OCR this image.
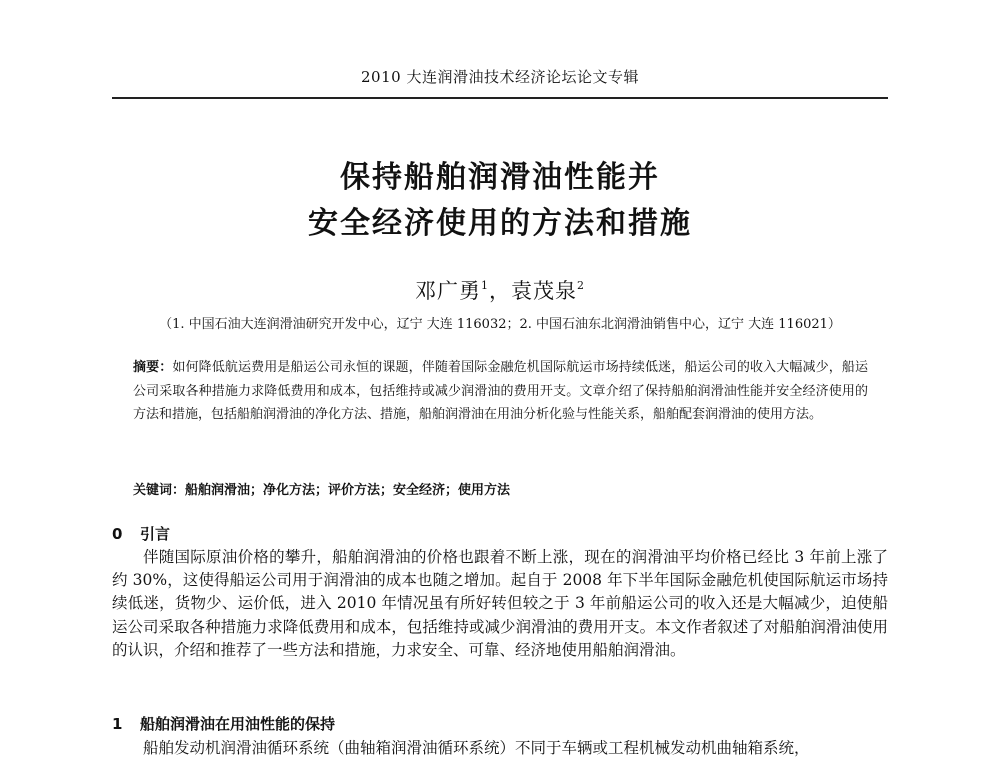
2010 大连润滑油技术经济论坛论文专辑
保持船舶润滑油性能并
安全经济使用的方法和措施
邓广勇$^1$，袁茂泉$^2$
（1. 中国石油大连润滑油研究开发中心，辽宁 大连 116032；2. 中国石油东北润滑油销售中心，辽宁 大连 116021）
摘要：如何降低航运费用是船运公司永恒的课题，伴随着国际金融危机国际航运市场持续低迷，船运公司的收入大幅减少，船运公司采取各种措施力求降低费用和成本，包括维持或减少润滑油的费用开支。文章介绍了保持船舶润滑油性能并安全经济使用的方法和措施，包括船舶润滑油的净化方法、措施，船舶润滑油在用油分析化验与性能关系，船舶配套润滑油的使用方法。
关键词：船舶润滑油；净化方法；评价方法；安全经济；使用方法
0 引言
伴随国际原油价格的攀升，船舶润滑油的价格也跟着不断上涨，现在的润滑油平均价格已经比 3 年前上涨了约 30%，这使得船运公司用于润滑油的成本也随之增加。起自于 2008 年下半年国际金融危机使国际航运市场持续低迷，货物少、运价低，进入 2010 年情况虽有所好转但较之于 3 年前船运公司的收入还是大幅减少，迫使船运公司采取各种措施力求降低费用和成本，包括维持或减少润滑油的费用开支。本文作者叙述了对船舶润滑油使用的认识，介绍和推荐了一些方法和措施，力求安全、可靠、经济地使用船舶润滑油。
1 船舶润滑油在用油性能的保持
船舶发动机润滑油循环系统（曲轴箱润滑油循环系统）不同于车辆或工程机械发动机曲轴箱系统，
